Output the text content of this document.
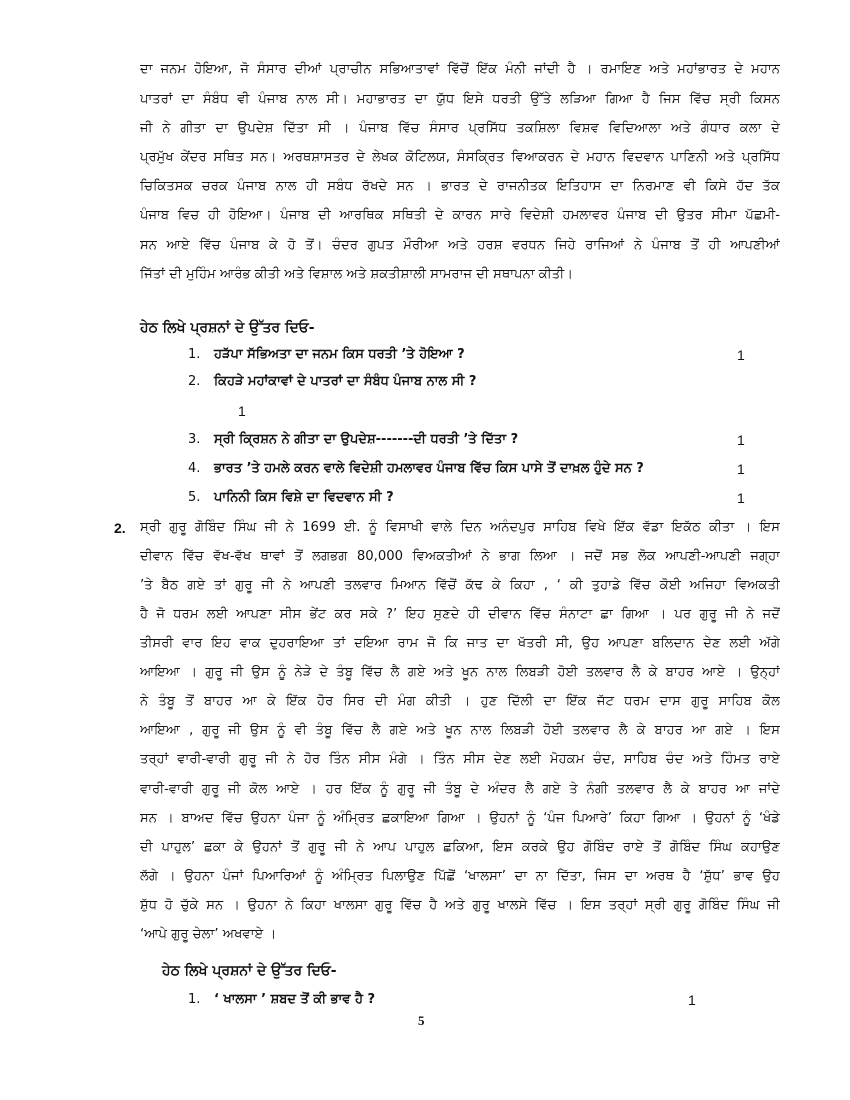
ਦਾ ਜਨਮ ਹੋਇਆ, ਜੋ ਸੰਸਾਰ ਦੀਆਂ ਪ੍ਰਾਚੀਨ ਸਭਿਆਤਾਵਾਂ ਵਿੱਚੋਂ ਇੱਕ ਮੰਨੀ ਜਾਂਦੀ ਹੈ । ਰਮਾਇਣ ਅਤੇ ਮਹਾਂਭਾਰਤ ਦੇ ਮਹਾਨ
ਪਾਤਰਾਂ ਦਾ ਸੰਬੰਧ ਵੀ ਪੰਜਾਬ ਨਾਲ ਸੀ। ਮਹਾਭਾਰਤ ਦਾ ਯੁੱਧ ਇਸੇ ਧਰਤੀ ਉੱਤੇ ਲੜਿਆ ਗਿਆ ਹੈ ਜਿਸ ਵਿੱਚ ਸ੍ਰੀ ਕਿਸਨ
ਜੀ ਨੇ ਗੀਤਾ ਦਾ ਉਪਦੇਸ਼ ਦਿੱਤਾ ਸੀ । ਪੰਜਾਬ ਵਿੱਚ ਸੰਸਾਰ ਪ੍ਰਸਿੱਧ ਤਕਸ਼ਿਲਾ ਵਿਸ਼ਵ ਵਿਦਿਆਲਾ ਅਤੇ ਗੰਧਾਰ ਕਲਾ ਦੇ
ਪ੍ਰਮੁੱਖ ਕੇਂਦਰ ਸਥਿਤ ਸਨ। ਅਰਥਸ਼ਾਸਤਰ ਦੇ ਲੇਖਕ ਕੋਟਿਲਯ, ਸੰਸਕ੍ਰਿਤ ਵਿਆਕਰਨ ਦੇ ਮਹਾਨ ਵਿਦਵਾਨ ਪਾਣਿਨੀ ਅਤੇ ਪ੍ਰਸਿੱਧ
ਚਿਕਿਤਸਕ ਚਰਕ ਪੰਜਾਬ ਨਾਲ ਹੀ ਸਬੰਧ ਰੱਖਦੇ ਸਨ । ਭਾਰਤ ਦੇ ਰਾਜਨੀਤਕ ਇਤਿਹਾਸ ਦਾ ਨਿਰਮਾਣ ਵੀ ਕਿਸੇ ਹੱਦ ਤੱਕ
ਪੰਜਾਬ ਵਿਚ ਹੀ ਹੋਇਆ। ਪੰਜਾਬ ਦੀ ਆਰਥਿਕ ਸਥਿਤੀ ਦੇ ਕਾਰਨ ਸਾਰੇ ਵਿਦੇਸ਼ੀ ਹਮਲਾਵਰ ਪੰਜਾਬ ਦੀ ਉਤਰ ਸੀਮਾ ਪੱਛਮੀ-
ਸਨ ਆਏ ਵਿੱਚ ਪੰਜਾਬ ਕੇ ਹੋ ਤੋਂ। ਚੰਦਰ ਗੁਪਤ ਮੌਰੀਆ ਅਤੇ ਹਰਸ਼ ਵਰਧਨ ਜਿਹੇ ਰਾਜਿਆਂ ਨੇ ਪੰਜਾਬ ਤੋਂ ਹੀ ਆਪਣੀਆਂ
ਜਿੱਤਾਂ ਦੀ ਮੁਹਿੰਮ ਆਰੰਭ ਕੀਤੀ ਅਤੇ ਵਿਸ਼ਾਲ ਅਤੇ ਸ਼ਕਤੀਸ਼ਾਲੀ ਸਾਮਰਾਜ ਦੀ ਸਥਾਪਨਾ ਕੀਤੀ।
ਹੇਠ ਲਿਖੇ ਪ੍ਰਸ਼ਨਾਂ ਦੇ ਉੱਤਰ ਦਿਓ-
1. ਹੜੱਪਾ ਸੱਭਿਅਤਾ ਦਾ ਜਨਮ ਕਿਸ ਧਰਤੀ ’ਤੇ ਹੋਇਆ ?	1
2. ਕਿਹੜੇ ਮਹਾਂਕਾਵਾਂ ਦੇ ਪਾਤਰਾਂ ਦਾ ਸੰਬੰਧ ਪੰਜਾਬ ਨਾਲ ਸੀ ?
1
3. ਸ੍ਰੀ ਕ੍ਰਿਸ਼ਨ ਨੇ ਗੀਤਾ ਦਾ ਉਪਦੇਸ਼-------ਦੀ ਧਰਤੀ ’ਤੇ ਦਿੱਤਾ ?	1
4. ਭਾਰਤ ’ਤੇ ਹਮਲੇ ਕਰਨ ਵਾਲੇ ਵਿਦੇਸ਼ੀ ਹਮਲਾਵਰ ਪੰਜਾਬ ਵਿੱਚ ਕਿਸ ਪਾਸੇ ਤੋਂ ਦਾਖ਼ਲ ਹੁੰਦੇ ਸਨ ?	1
5. ਪਾਨਿਨੀ ਕਿਸ ਵਿਸ਼ੇ ਦਾ ਵਿਦਵਾਨ ਸੀ ?	1
2. ਸ੍ਰੀ ਗੁਰੂ ਗੋਬਿੰਦ ਸਿੰਘ ਜੀ ਨੇ 1699 ਈ. ਨੂੰ ਵਿਸਾਖੀ ਵਾਲੇ ਦਿਨ ਅਨੰਦਪੁਰ ਸਾਹਿਬ ਵਿਖੇ ਇੱਕ ਵੱਡਾ ਇਕੱਠ ਕੀਤਾ । ਇਸ
ਦੀਵਾਨ ਵਿੱਚ ਵੱਖ-ਵੱਖ ਥਾਵਾਂ ਤੋਂ ਲਗਭਗ 80,000 ਵਿਅਕਤੀਆਂ ਨੇ ਭਾਗ ਲਿਆ । ਜਦੋਂ ਸਭ ਲੋਕ ਆਪਣੀ-ਆਪਣੀ ਜਗ੍ਹਾ
’ਤੇ ਬੈਠ ਗਏ ਤਾਂ ਗੁਰੂ ਜੀ ਨੇ ਆਪਣੀ ਤਲਵਾਰ ਮਿਆਨ ਵਿੱਚੋਂ ਕੱਢ ਕੇ ਕਿਹਾ , ‘ ਕੀ ਤੁਹਾਡੇ ਵਿੱਚ ਕੋਈ ਅਜਿਹਾ ਵਿਅਕਤੀ
ਹੈ ਜੋ ਧਰਮ ਲਈ ਆਪਣਾ ਸੀਸ ਭੇਂਟ ਕਰ ਸਕੇ ?’ ਇਹ ਸੁਣਦੇ ਹੀ ਦੀਵਾਨ ਵਿੱਚ ਸੰਨਾਟਾ ਛਾ ਗਿਆ । ਪਰ ਗੁਰੂ ਜੀ ਨੇ ਜਦੋਂ
ਤੀਸਰੀ ਵਾਰ ਇਹ ਵਾਕ ਦੁਹਰਾਇਆ ਤਾਂ ਦਇਆ ਰਾਮ ਜੋ ਕਿ ਜਾਤ ਦਾ ਖੱਤਰੀ ਸੀ, ਉਹ ਆਪਣਾ ਬਲਿਦਾਨ ਦੇਣ ਲਈ ਅੱਗੇ
ਆਇਆ । ਗੁਰੂ ਜੀ ਉਸ ਨੂੰ ਨੇੜੇ ਦੇ ਤੰਬੂ ਵਿੱਚ ਲੈ ਗਏ ਅਤੇ ਖੂਨ ਨਾਲ ਲਿਬੜੀ ਹੋਈ ਤਲਵਾਰ ਲੈ ਕੇ ਬਾਹਰ ਆਏ । ਉਨ੍ਹਾਂ
ਨੇ ਤੰਬੂ ਤੋਂ ਬਾਹਰ ਆ ਕੇ ਇੱਕ ਹੋਰ ਸਿਰ ਦੀ ਮੰਗ ਕੀਤੀ । ਹੁਣ ਦਿੱਲੀ ਦਾ ਇੱਕ ਜੱਟ ਧਰਮ ਦਾਸ ਗੁਰੂ ਸਾਹਿਬ ਕੋਲ
ਆਇਆ , ਗੁਰੂ ਜੀ ਉਸ ਨੂੰ ਵੀ ਤੰਬੂ ਵਿੱਚ ਲੈ ਗਏ ਅਤੇ ਖੂਨ ਨਾਲ ਲਿਬੜੀ ਹੋਈ ਤਲਵਾਰ ਲੈ ਕੇ ਬਾਹਰ ਆ ਗਏ । ਇਸ
ਤਰ੍ਹਾਂ ਵਾਰੀ-ਵਾਰੀ ਗੁਰੂ ਜੀ ਨੇ ਹੋਰ ਤਿੰਨ ਸੀਸ ਮੰਗੇ । ਤਿੰਨ ਸੀਸ ਦੇਣ ਲਈ ਮੋਹਕਮ ਚੰਦ, ਸਾਹਿਬ ਚੰਦ ਅਤੇ ਹਿੰਮਤ ਰਾਏ
ਵਾਰੀ-ਵਾਰੀ ਗੁਰੂ ਜੀ ਕੋਲ ਆਏ । ਹਰ ਇੱਕ ਨੂੰ ਗੁਰੂ ਜੀ ਤੰਬੂ ਦੇ ਅੰਦਰ ਲੈ ਗਏ ਤੇ ਨੰਗੀ ਤਲਵਾਰ ਲੈ ਕੇ ਬਾਹਰ ਆ ਜਾਂਦੇ
ਸਨ । ਬਾਅਦ ਵਿੱਚ ਉਹਨਾ ਪੰਜਾ ਨੂੰ ਅੰਮ੍ਰਿਤ ਛਕਾਇਆ ਗਿਆ । ਉਹਨਾਂ ਨੂੰ ‘ਪੰਜ ਪਿਆਰੇ’ ਕਿਹਾ ਗਿਆ । ਉਹਨਾਂ ਨੂੰ ‘ਖੰਡੇ
ਦੀ ਪਾਹੁਲ’ ਛਕਾ ਕੇ ਉਹਨਾਂ ਤੋਂ ਗੁਰੂ ਜੀ ਨੇ ਆਪ ਪਾਹੁਲ ਛਕਿਆ, ਇਸ ਕਰਕੇ ਉਹ ਗੋਬਿੰਦ ਰਾਏ ਤੋਂ ਗੋਬਿੰਦ ਸਿੰਘ ਕਹਾਉਣ
ਲੱਗੇ । ਉਹਨਾ ਪੰਜਾਂ ਪਿਆਰਿਆਂ ਨੂੰ ਅੰਮ੍ਰਿਤ ਪਿਲਾਉਣ ਪਿੱਛੋਂ ‘ਖਾਲਸਾ’ ਦਾ ਨਾ ਦਿੱਤਾ, ਜਿਸ ਦਾ ਅਰਥ ਹੈ ‘ਸ਼ੁੱਧ’ ਭਾਵ ਉਹ
ਸ਼ੁੱਧ ਹੋ ਚੁੱਕੇ ਸਨ । ਉਹਨਾ ਨੇ ਕਿਹਾ ਖਾਲਸਾ ਗੁਰੂ ਵਿੱਚ ਹੈ ਅਤੇ ਗੁਰੂ ਖਾਲਸੇ ਵਿੱਚ । ਇਸ ਤਰ੍ਹਾਂ ਸ੍ਰੀ ਗੁਰੂ ਗੋਬਿੰਦ ਸਿੰਘ ਜੀ
‘ਆਪੇ ਗੁਰੂ ਚੇਲਾ’ ਅਖਵਾਏ ।
ਹੇਠ ਲਿਖੇ ਪ੍ਰਸ਼ਨਾਂ ਦੇ ਉੱਤਰ ਦਿਓ-
1. ‘ ਖਾਲਸਾ ’ ਸ਼ਬਦ ਤੋਂ ਕੀ ਭਾਵ ਹੈ ?	1
5
